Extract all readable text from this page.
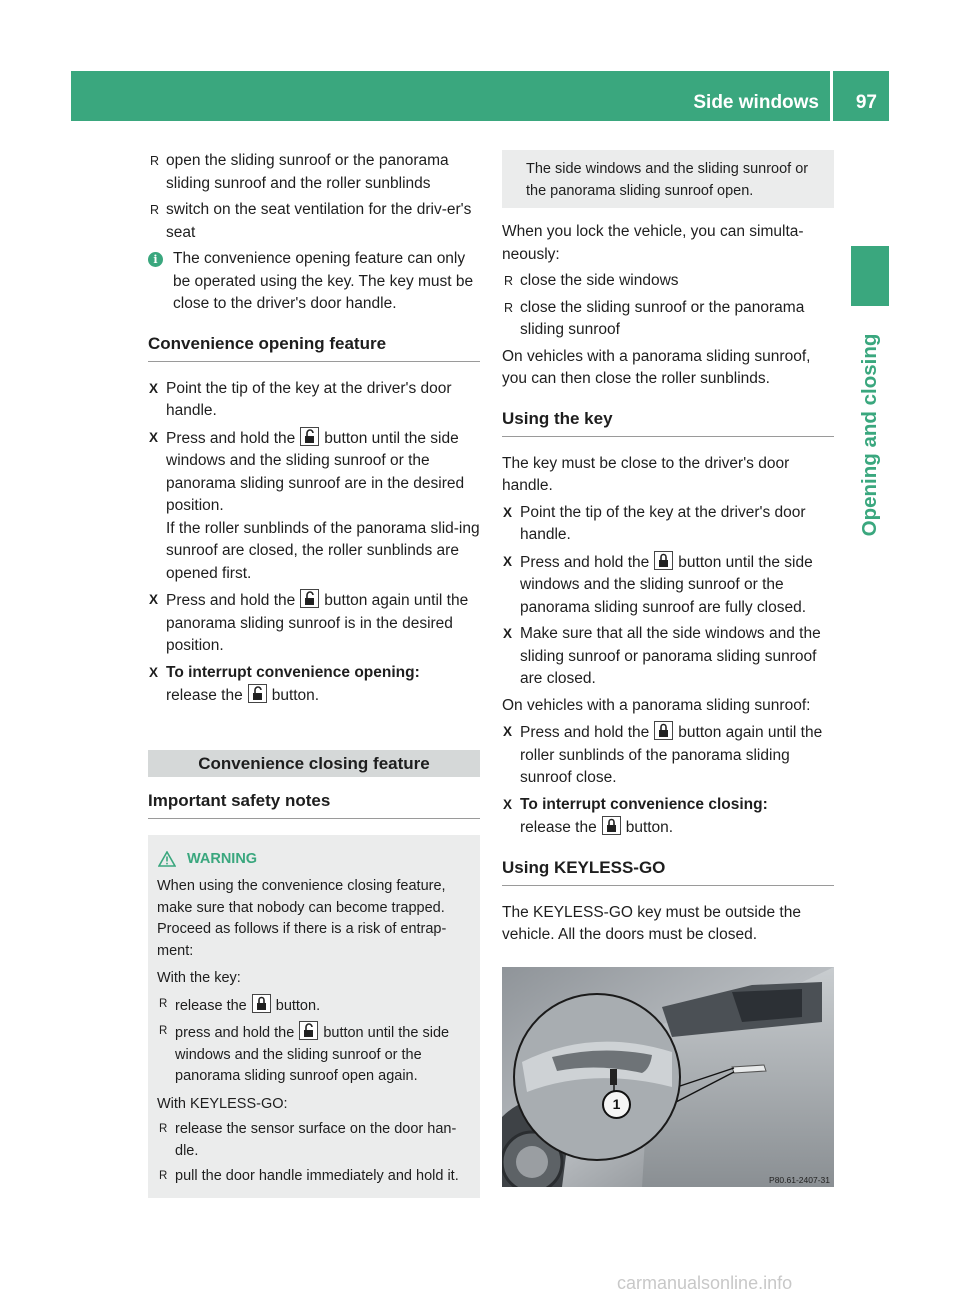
Side windows 97
Opening and closing

R open the sliding sunroof or the panorama sliding sunroof and the roller sunblinds

R switch on the seat ventilation for the driv-er's seat

i The convenience opening feature can only be operated using the key. The key must be close to the driver's door handle.

Convenience opening feature

X Point the tip of the key at the driver's door handle.

X Press and hold the button until the side windows and the sliding sunroof or the panorama sliding sunroof are in the desired position.
If the roller sunblinds of the panorama slid-ing sunroof are closed, the roller sunblinds are opened first.

X Press and hold the button again until the panorama sliding sunroof is in the desired position.

X To interrupt convenience opening:
release the button.

Convenience closing feature
Important safety notes

WARNING

When using the convenience closing feature, make sure that nobody can become trapped. Proceed as follows if there is a risk of entrap-ment:

With the key:

R release the button.

R press and hold the button until the side windows and the sliding sunroof or the panorama sliding sunroof open again.

With KEYLESS-GO:

R release the sensor surface on the door han-dle.

R pull the door handle immediately and hold it.

The side windows and the sliding sunroof or the panorama sliding sunroof open.

When you lock the vehicle, you can simulta-neously:

R close the side windows

R close the sliding sunroof or the panorama sliding sunroof

On vehicles with a panorama sliding sunroof, you can then close the roller sunblinds.

Using the key

The key must be close to the driver's door handle.

X Point the tip of the key at the driver's door handle.

X Press and hold the button until the side windows and the sliding sunroof or the panorama sliding sunroof are fully closed.

X Make sure that all the side windows and the sliding sunroof or panorama sliding sunroof are closed.

On vehicles with a panorama sliding sunroof:

X Press and hold the button again until the roller sunblinds of the panorama sliding sunroof close.

X To interrupt convenience closing:
release the button.

Using KEYLESS-GO

The KEYLESS-GO key must be outside the vehicle. All the doors must be closed.

1
P80.61-2407-31
carmanualsonline.info
